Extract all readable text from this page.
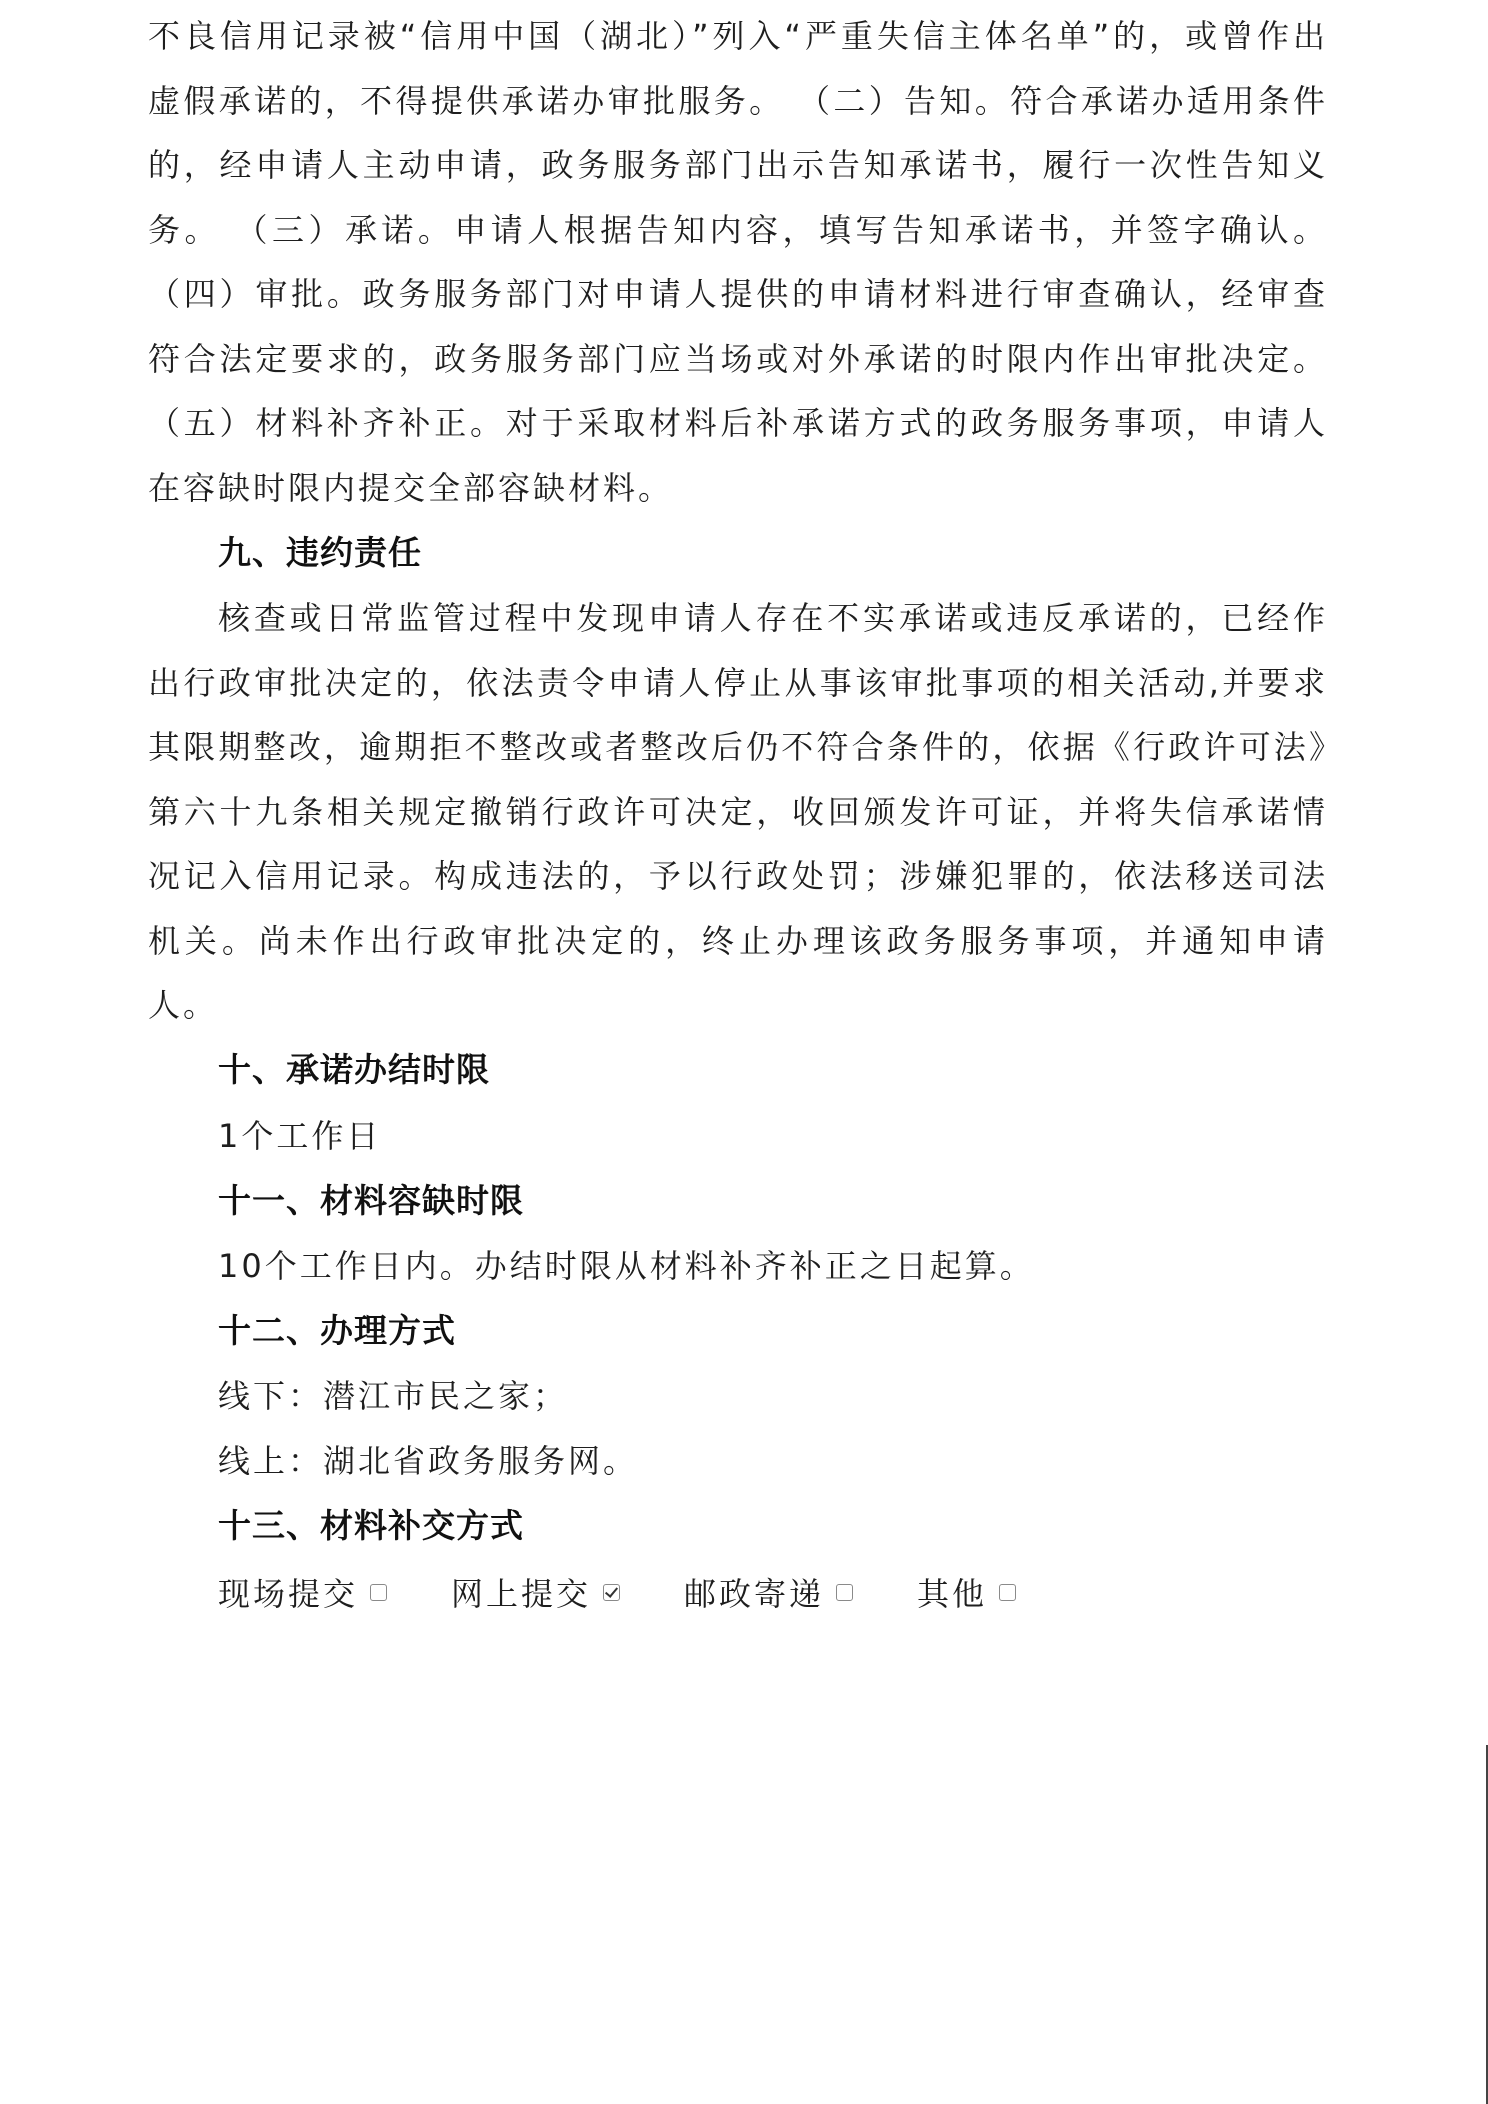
不良信用记录被“信用中国（湖北）”列入“严重失信主体名单”的，或曾作出虚假承诺的，不得提供承诺办审批服务。 （二）告知。符合承诺办适用条件的，经申请人主动申请，政务服务部门出示告知承诺书，履行一次性告知义务。 （三）承诺。申请人根据告知内容，填写告知承诺书，并签字确认。 （四）审批。政务服务部门对申请人提供的申请材料进行审查确认，经审查符合法定要求的，政务服务部门应当场或对外承诺的时限内作出审批决定。 （五）材料补齐补正。对于采取材料后补承诺方式的政务服务事项，申请人在容缺时限内提交全部容缺材料。

九、违约责任

核查或日常监管过程中发现申请人存在不实承诺或违反承诺的，已经作出行政审批决定的，依法责令申请人停止从事该审批事项的相关活动,并要求其限期整改，逾期拒不整改或者整改后仍不符合条件的，依据《行政许可法》第六十九条相关规定撤销行政许可决定，收回颁发许可证，并将失信承诺情况记入信用记录。构成违法的，予以行政处罚；涉嫌犯罪的，依法移送司法机关。尚未作出行政审批决定的，终止办理该政务服务事项，并通知申请人。

十、承诺办结时限

1个工作日

十一、材料容缺时限

10个工作日内。办结时限从材料补齐补正之日起算。

十二、办理方式

线下：潜江市民之家；

线上：湖北省政务服务网。

十三、材料补交方式
现场提交	网上提交	邮政寄递	其他
